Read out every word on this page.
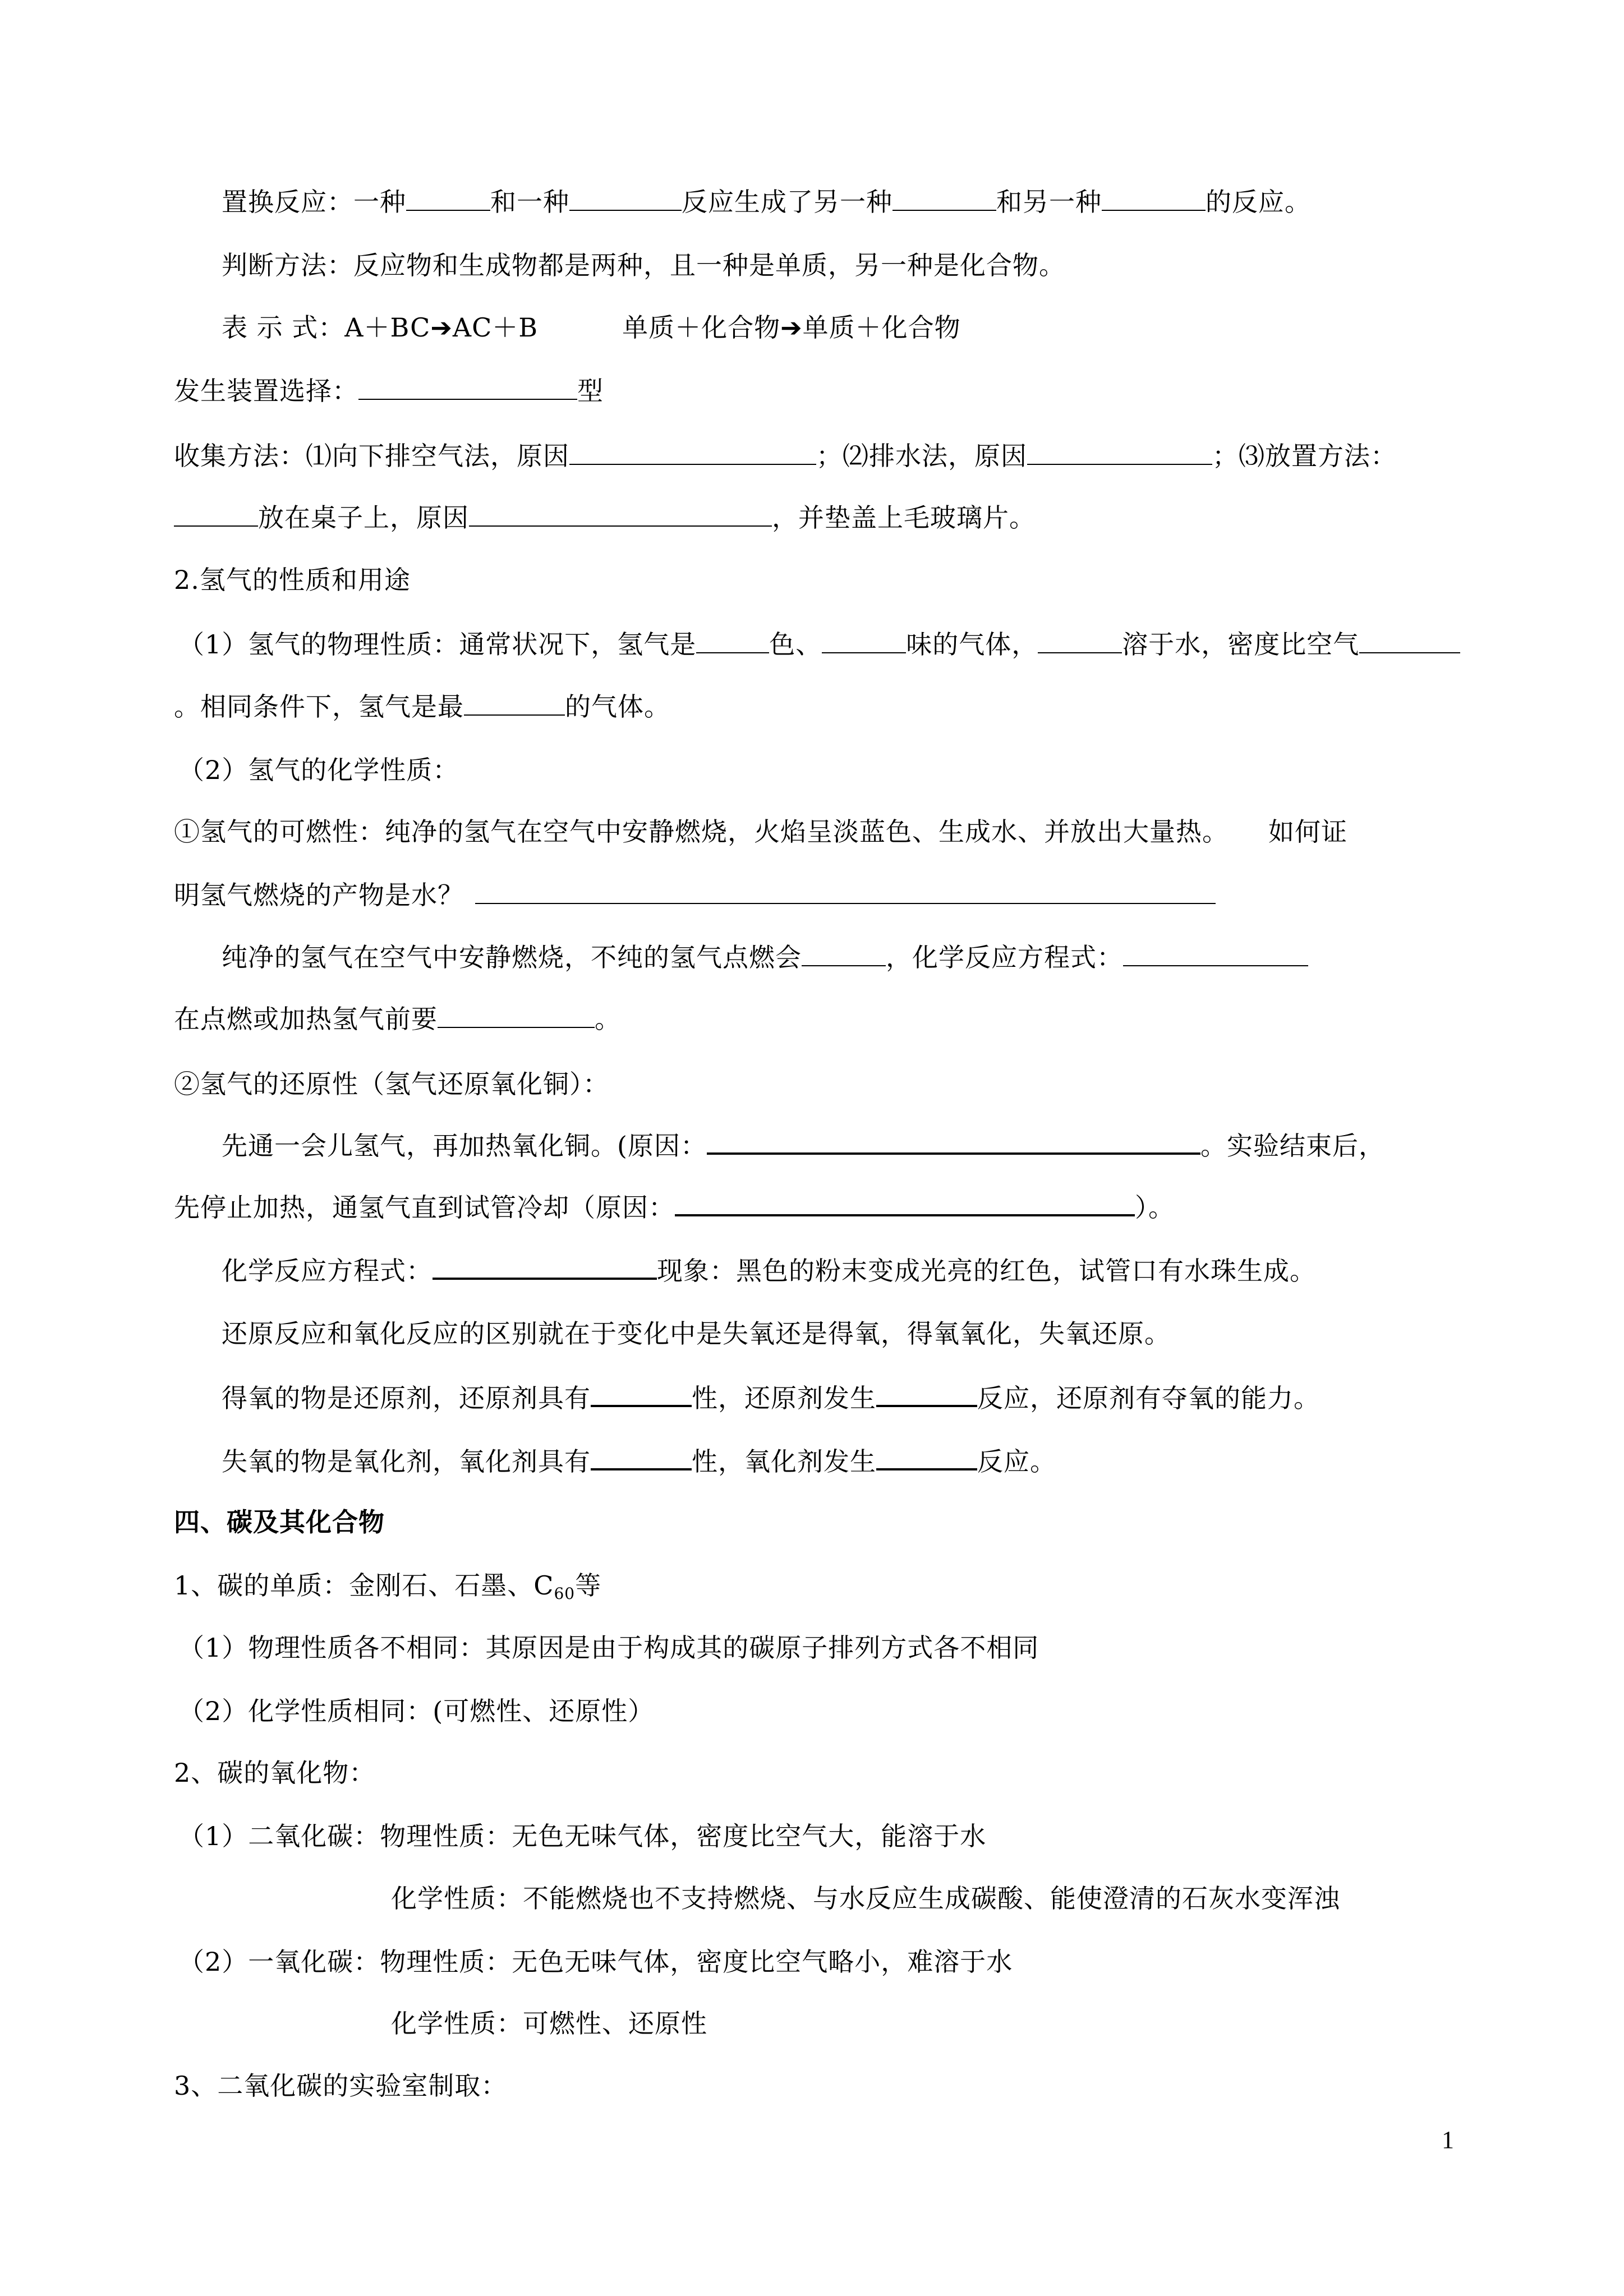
置换反应：一种	和一种	反应生成了另一种	和另一种	的反应。
判断方法：反应物和生成物都是两种，且一种是单质，另一种是化合物。
表 示 式：A＋BC➔AC＋B	单质＋化合物➔单质＋化合物
发生装置选择：	型
收集方法：⑴向下排空气法，原因	；⑵排水法，原因	；⑶放置方法：
放在桌子上，原因	，并垫盖上毛玻璃片。
2.氢气的性质和用途
（1）氢气的物理性质：通常状况下，氢气是	色、	味的气体，	溶于水，密度比空气
。相同条件下，氢气是最	的气体。
（2）氢气的化学性质：
①氢气的可燃性：纯净的氢气在空气中安静燃烧，火焰呈淡蓝色、生成水、并放出大量热。　　如何证
明氢气燃烧的产物是水？
纯净的氢气在空气中安静燃烧，不纯的氢气点燃会	，化学反应方程式：
在点燃或加热氢气前要	。
②氢气的还原性（氢气还原氧化铜）：
先通一会儿氢气，再加热氧化铜。(原因：	。实验结束后，
先停止加热，通氢气直到试管冷却（原因：	）。
化学反应方程式：	现象：黑色的粉末变成光亮的红色，试管口有水珠生成。
还原反应和氧化反应的区别就在于变化中是失氧还是得氧，得氧氧化，失氧还原。
得氧的物是还原剂，还原剂具有	性，还原剂发生	反应，还原剂有夺氧的能力。
失氧的物是氧化剂，氧化剂具有	性，氧化剂发生	反应。
四、碳及其化合物
1、碳的单质：金刚石、石墨、$C_{60}$等
（1）物理性质各不相同：其原因是由于构成其的碳原子排列方式各不相同
（2）化学性质相同：(可燃性、还原性）
2、碳的氧化物：
（1）二氧化碳：物理性质：无色无味气体，密度比空气大，能溶于水
化学性质：不能燃烧也不支持燃烧、与水反应生成碳酸、能使澄清的石灰水变浑浊
（2）一氧化碳：物理性质：无色无味气体，密度比空气略小，难溶于水
化学性质：可燃性、还原性
3、二氧化碳的实验室制取：
1
